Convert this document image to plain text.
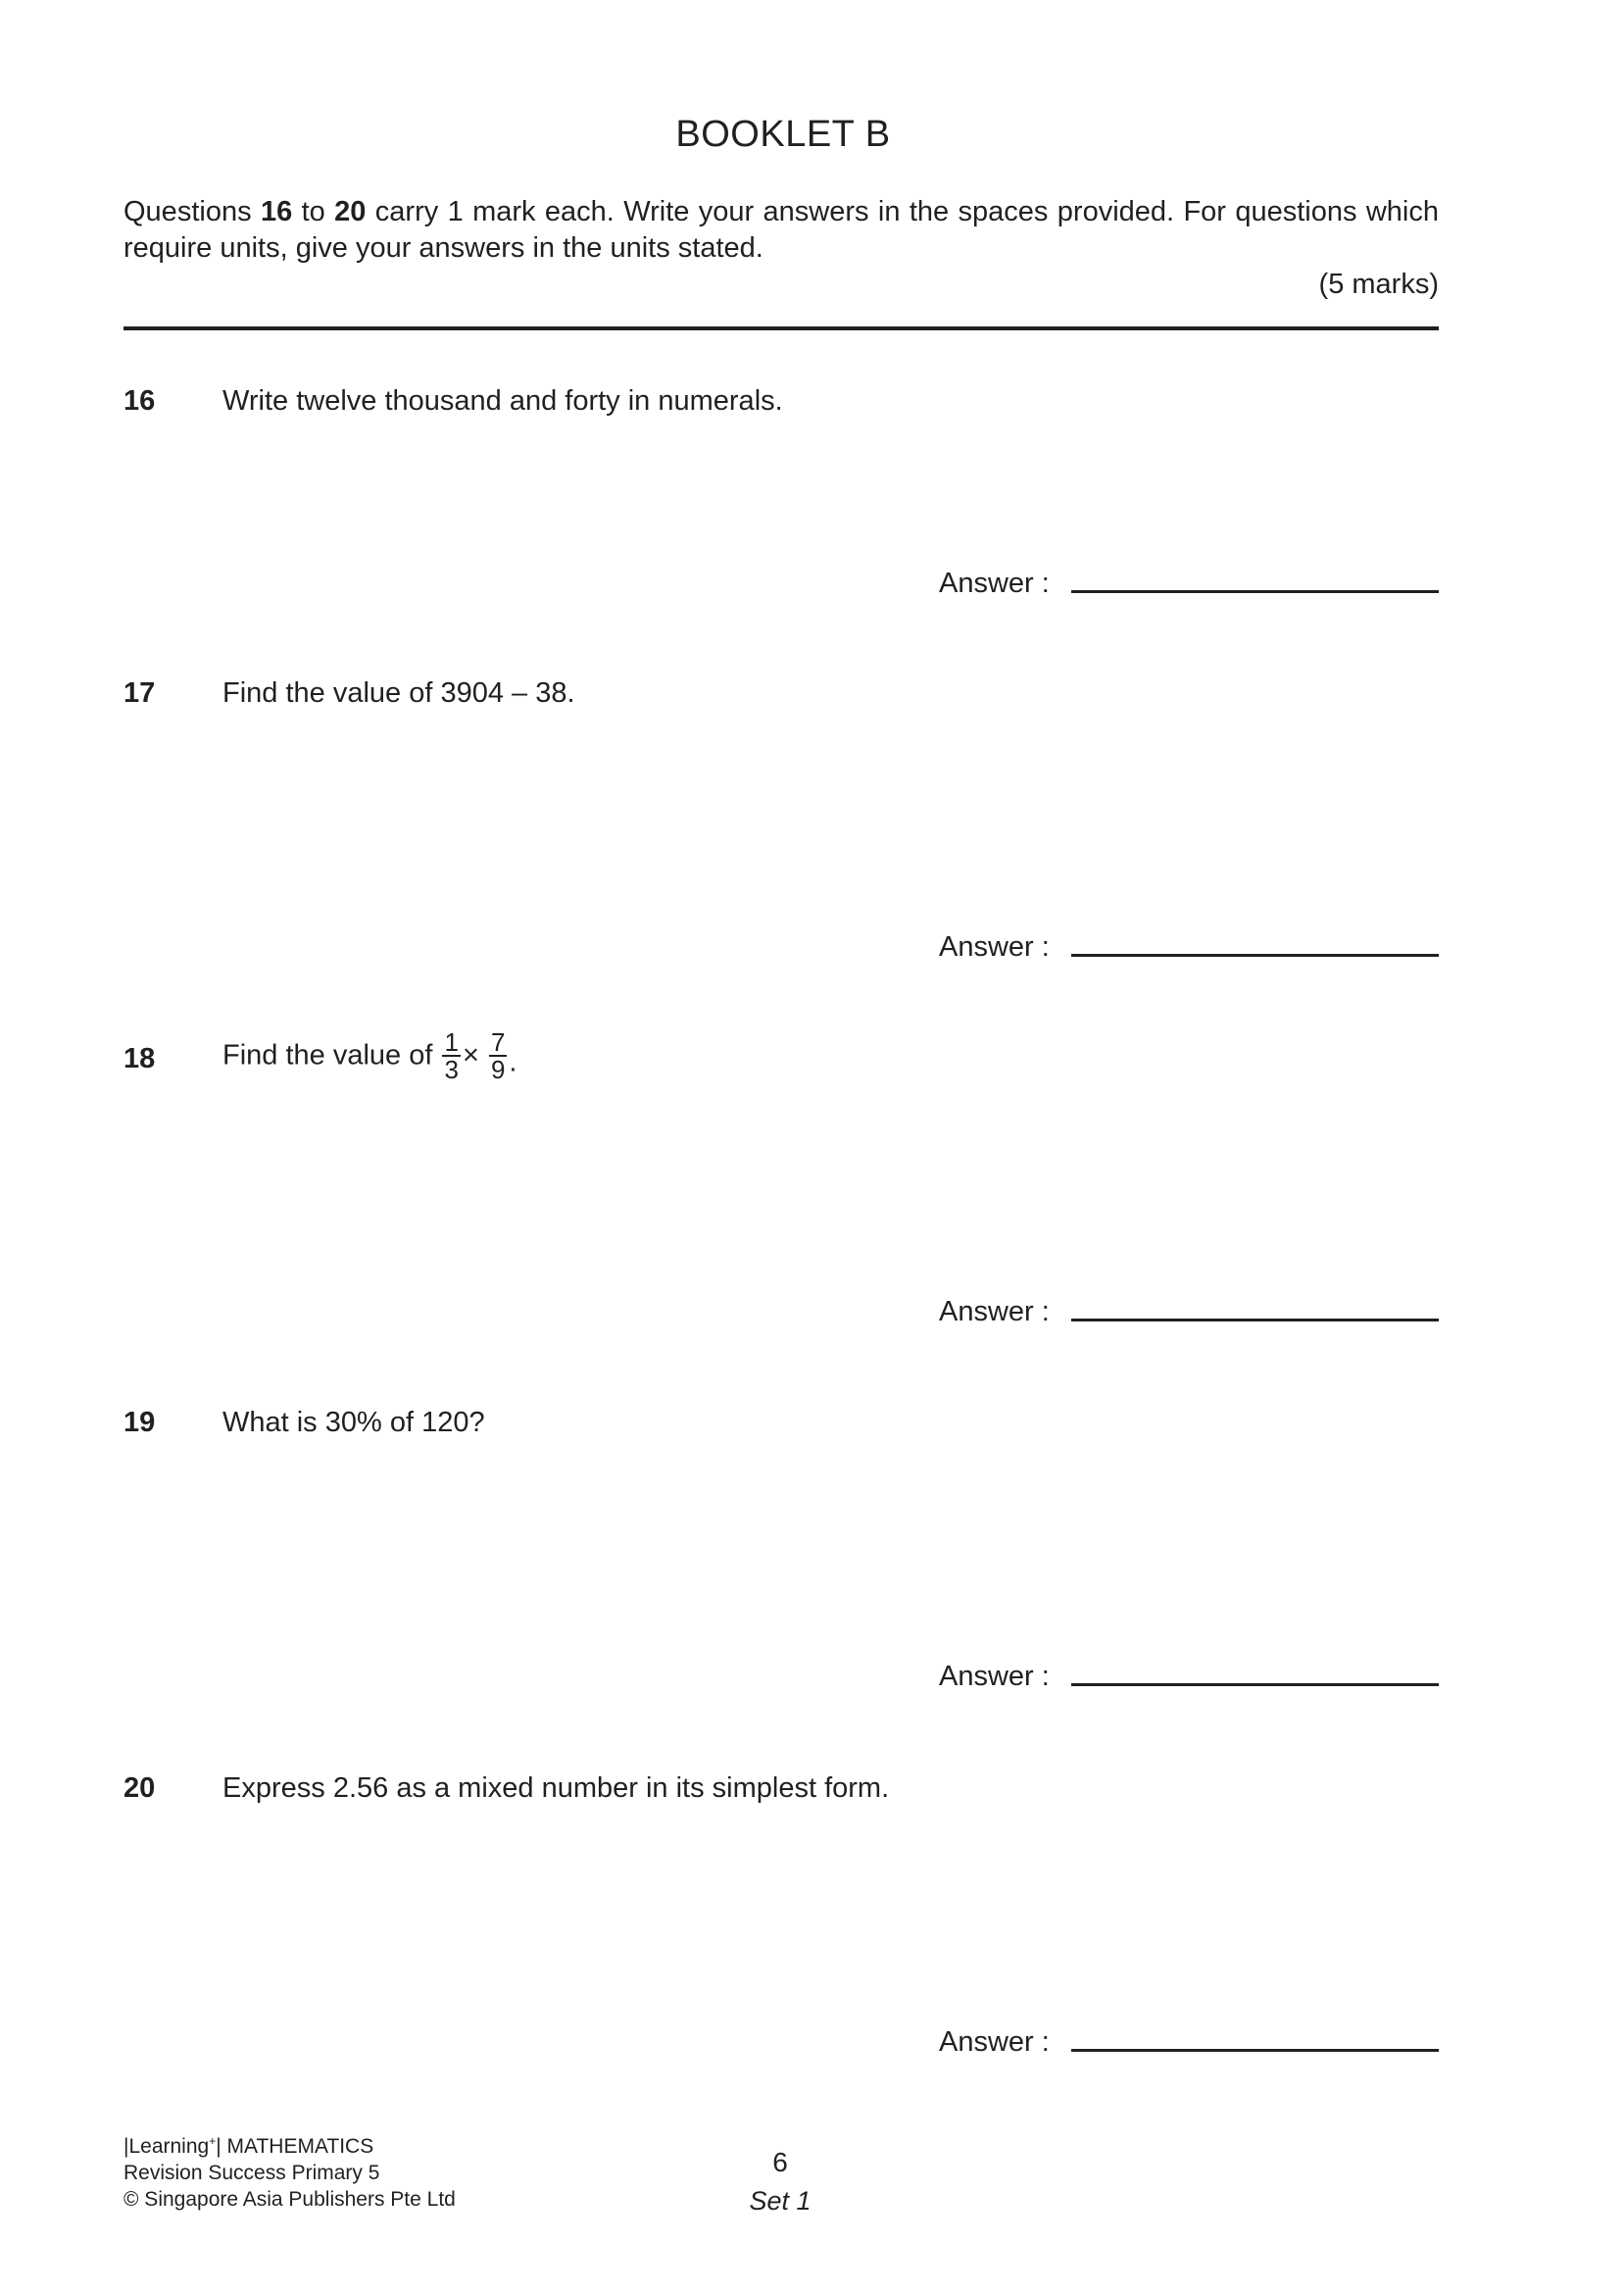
BOOKLET B
Questions 16 to 20 carry 1 mark each. Write your answers in the spaces provided. For questions which require units, give your answers in the units stated.
(5 marks)
16 Write twelve thousand and forty in numerals.
Answer :
17 Find the value of 3904 – 38.
Answer :
18 Find the value of $\frac{1}{3} \times \frac{7}{9}$ .
Answer :
19 What is 30% of 120?
Answer :
20 Express 2.56 as a mixed number in its simplest form.
Answer :
|Learning+| MATHEMATICS
Revision Success Primary 5
© Singapore Asia Publishers Pte Ltd
6
Set 1
